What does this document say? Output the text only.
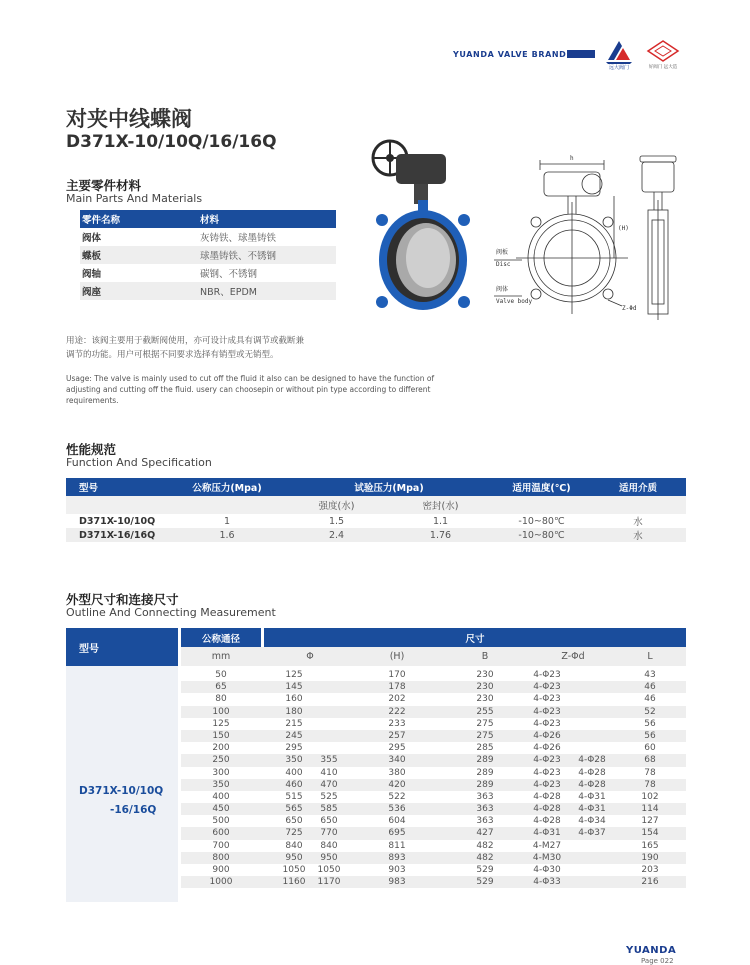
YUANDA VALVE BRAND
远大阀门	好阀门 远大造
对夹中线蝶阀
D371X-10/10Q/16/16Q
主要零件材料
Main Parts And Materials
零件名称	材料
阀体	灰铸铁、球墨铸铁
蝶板	球墨铸铁、不锈钢
阀轴	碳钢、不锈钢
阀座	NBR、EPDM
阀板
Disc
阀体
Valve body
h
(H)
Z-Φd
用途：该阀主要用于截断阀使用，亦可设计成具有调节或截断兼
调节的功能。用户可根据不同要求选择有销型或无销型。
Usage: The valve is mainly used to cut off the fluid it also can be designed to have the function of
adjusting and cutting off the fluid. usery can choosepin or without pin type according to different
requirements.
性能规范
Function And Specification
型号	公称压力(Mpa)	试验压力(Mpa)		适用温度(℃)	适用介质
		强度(水)	密封(水)		
D371X-10/10Q	1	1.5	1.1	-10~80℃	水
D371X-16/16Q	1.6	2.4	1.76	-10~80℃	水
外型尺寸和连接尺寸
Outline And Connecting Measurement
型号
D371X-10/10Q
-16/16Q
公称通径	尺寸
mm	Φ	(H)	B	Z-Φd	L
50	125	170	230	4-Φ23	43
65	145	178	230	4-Φ23	46
80	160	202	230	4-Φ23	46
100	180	222	255	4-Φ23	52
125	215	233	275	4-Φ23	56
150	245	257	275	4-Φ26	56
200	295	295	285	4-Φ26	60
250	350	355	340	289	4-Φ23	4-Φ28	68
300	400	410	380	289	4-Φ23	4-Φ28	78
350	460	470	420	289	4-Φ23	4-Φ28	78
400	515	525	522	363	4-Φ28	4-Φ31	102
450	565	585	536	363	4-Φ28	4-Φ31	114
500	650	650	604	363	4-Φ28	4-Φ34	127
600	725	770	695	427	4-Φ31	4-Φ37	154
700	840	840	811	482	4-M27	165
800	950	950	893	482	4-M30	190
900	1050	1050	903	529	4-Φ30	203
1000	1160	1170	983	529	4-Φ33	216
YUANDA
Page 022
